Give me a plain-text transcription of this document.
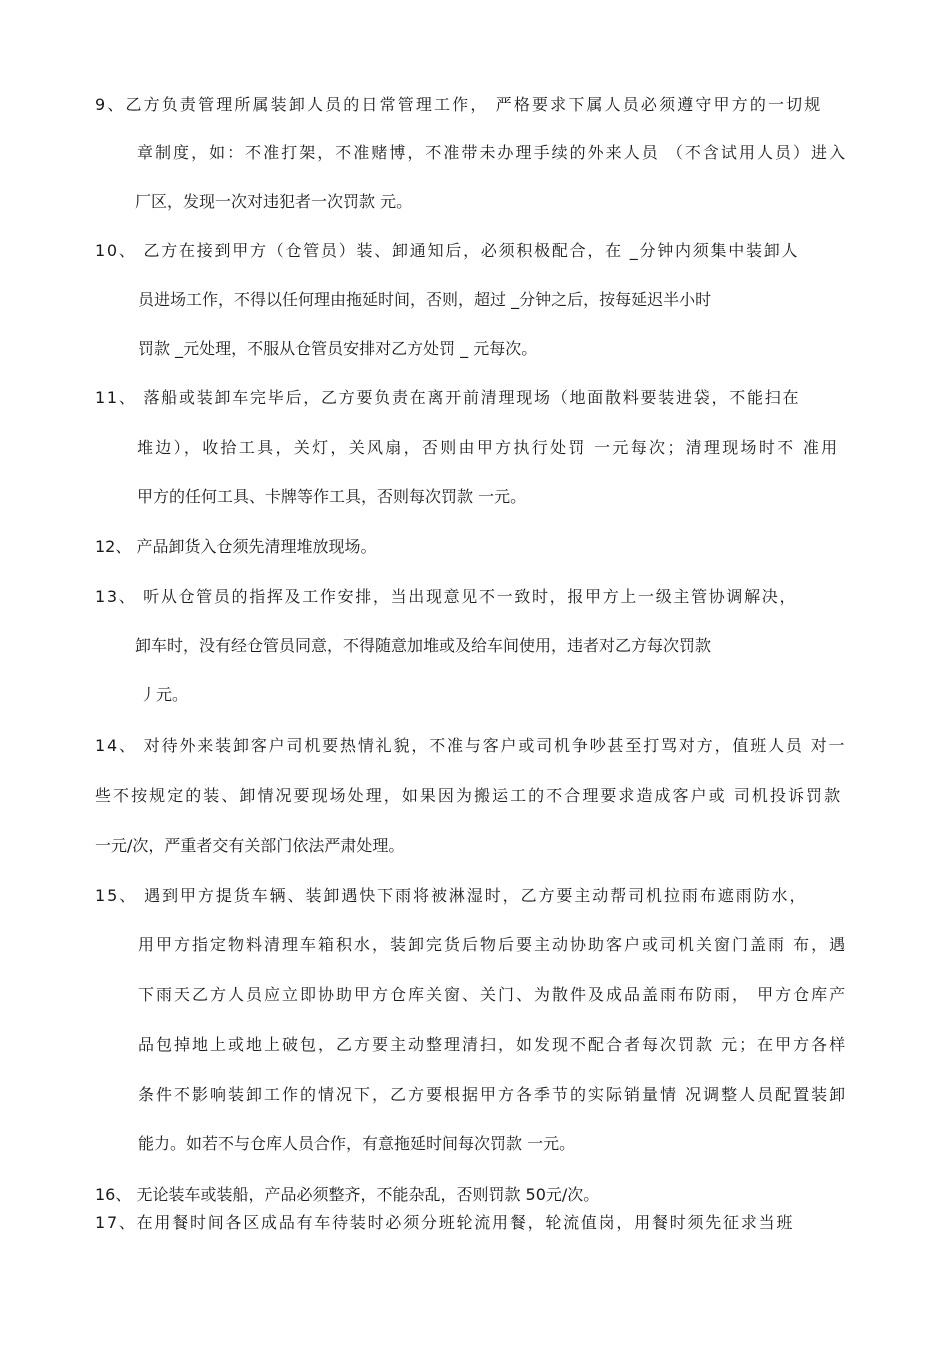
9、乙方负责管理所属装卸人员的日常管理工作， 严格要求下属人员必须遵守甲方的一切规
章制度，如：不准打架，不准赌博，不准带未办理手续的外来人员 （不含试用人员）进入
厂区，发现一次对违犯者一次罚款 元。
10、 乙方在接到甲方（仓管员）装、卸通知后，必须积极配合，在 _分钟内须集中装卸人
员进场工作，不得以任何理由拖延时间，否则，超过 _分钟之后，按每延迟半小时
罚款 _元处理，不服从仓管员安排对乙方处罚 _ 元每次。
11、 落船或装卸车完毕后，乙方要负责在离开前清理现场（地面散料要装进袋，不能扫在
堆边），收拾工具，关灯，关风扇，否则由甲方执行处罚 一元每次；清理现场时不 准用
甲方的任何工具、卡牌等作工具，否则每次罚款 一元。
12、 产品卸货入仓须先清理堆放现场。
13、 听从仓管员的指挥及工作安排，当出现意见不一致时，报甲方上一级主管协调解决，
卸车时，没有经仓管员同意，不得随意加堆或及给车间使用，违者对乙方每次罚款
丿元。
14、 对待外来装卸客户司机要热情礼貌，不准与客户或司机争吵甚至打骂对方，值班人员 对一
些不按规定的装、卸情况要现场处理，如果因为搬运工的不合理要求造成客户或 司机投诉罚款
一元/次，严重者交有关部门依法严肃处理。
15、 遇到甲方提货车辆、装卸遇快下雨将被淋湿时，乙方要主动帮司机拉雨布遮雨防水，
用甲方指定物料清理车箱积水，装卸完货后物后要主动协助客户或司机关窗门盖雨 布，遇
下雨天乙方人员应立即协助甲方仓库关窗、关门、为散件及成品盖雨布防雨， 甲方仓库产
品包掉地上或地上破包，乙方要主动整理清扫，如发现不配合者每次罚款 元；在甲方各样
条件不影响装卸工作的情况下，乙方要根据甲方各季节的实际销量情 况调整人员配置装卸
能力。如若不与仓库人员合作，有意拖延时间每次罚款 一元。
16、 无论装车或装船，产品必须整齐，不能杂乱，否则罚款 50元/次。
17、在用餐时间各区成品有车待装时必须分班轮流用餐，轮流值岗，用餐时须先征求当班
